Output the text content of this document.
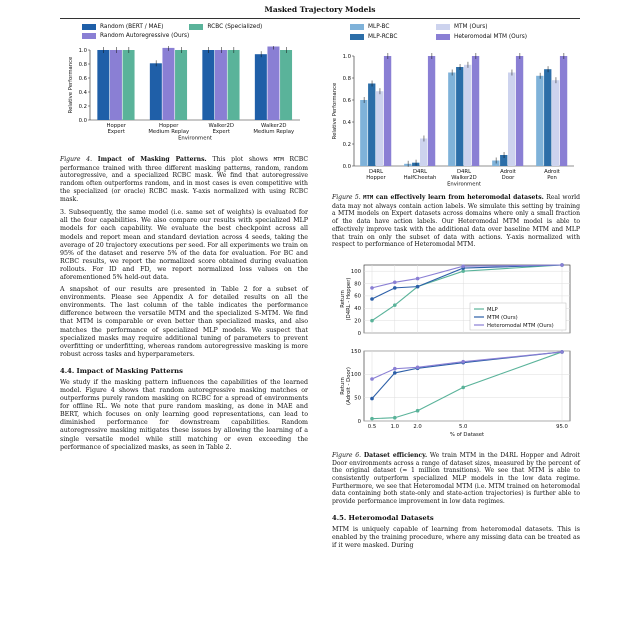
Masked Trajectory Models
Random (BERT / MAE)	RCBC (Specialized)
Random Autoregressive (Ours)
0.0
0.2
0.4
0.6
0.8
1.0
Relative Performance
Hopper
Expert
Hopper
Medium Replay
Walker2D
Expert
Walker2D
Medium Replay
Environment
Figure 4. Impact of Masking Patterns. This plot shows MTM RCBC performance trained with three different masking patterns, random, random autoregressive, and a specialized RCBC mask. We find that autoregressive random often outperforms random, and in most cases is even competitive with the specialized (or oracle) RCBC mask. Y-axis normalized with using RCBC mask.

3. Subsequently, the same model (i.e. same set of weights) is evaluated for all the four capabilities. We also compare our results with specialized MLP models for each capability. We evaluate the best checkpoint across all models and report mean and standard deviation across 4 seeds, taking the average of 20 trajectory executions per seed. For all experiments we train on 95% of the dataset and reserve 5% of the data for evaluation. For BC and RCBC results, we report the normalized score obtained during evaluation rollouts. For ID and FD, we report normalized loss values on the aforementioned 5% held-out data.

A snapshot of our results are presented in Table 2 for a subset of environments. Please see Appendix A for detailed results on all the environments. The last column of the table indicates the performance difference between the versatile MTM and the specialized S-MTM. We find that MTM is comparable or even better than specialized masks, and also matches the performance of specialized MLP models. We suspect that specialized masks may require additional tuning of parameters to prevent overfitting or underfitting, whereas random autoregressive masking is more robust across tasks and hyperparameters.

4.4. Impact of Masking Patterns

We study if the masking pattern influences the capabilities of the learned model. Figure 4 shows that random autoregressive masking matches or outperforms purely random masking on RCBC for a spread of environments for offline RL. We note that pure random masking, as done in MAE and BERT, which focuses on only learning good representations, can lead to diminished performance for downstream capabilities. Random autoregressive masking mitigates these issues by allowing the learning of a single versatile model while still matching or even exceeding the performance of specialized masks, as seen in Table 2.

MLP-BC	MTM (Ours)
MLP-RCBC	Heteromodal MTM (Ours)
0.0
0.2
0.4
0.6
0.8
1.0
Relative Performance
D4RL
Hopper
D4RL
HalfCheetah
D4RL
Walker2D
Adroit
Door
Adroit
Pen
Environment
Figure 5. MTM can effectively learn from heteromodal datasets. Real world data may not always contain action labels. We simulate this setting by training a MTM models on Expert datasets across domains where only a small fraction of the data have action labels. Our Heteromodal MTM model is able to effectively improve task with the additional data over baseline MTM and MLP that train on only the subset of data with actions. Y-axis normalized with respect to performance of Heteromodal MTM.
0
20
40
60
80
100
Return (D4RL - Hopper)	MLP
MTM (Ours)
Heteromodal MTM (Ours)
0
50
100
150
0.5	1.0	2.0	5.0	95.0
Return (Adroit - Door)
% of Dataset
Figure 6. Dataset efficiency. We train MTM in the D4RL Hopper and Adroit Door environments across a range of dataset sizes, measured by the percent of the original dataset (≈ 1 million transitions). We see that MTM is able to consistently outperform specialized MLP models in the low data regime. Furthermore, we see that Heteromodal MTM (i.e. MTM trained on heteromodal data containing both state-only and state-action trajectories) is further able to provide performance improvement in low data regimes.
4.5. Heteromodal Datasets

MTM is uniquely capable of learning from heteromodal datasets. This is enabled by the training procedure, where any missing data can be treated as if it were masked. During
